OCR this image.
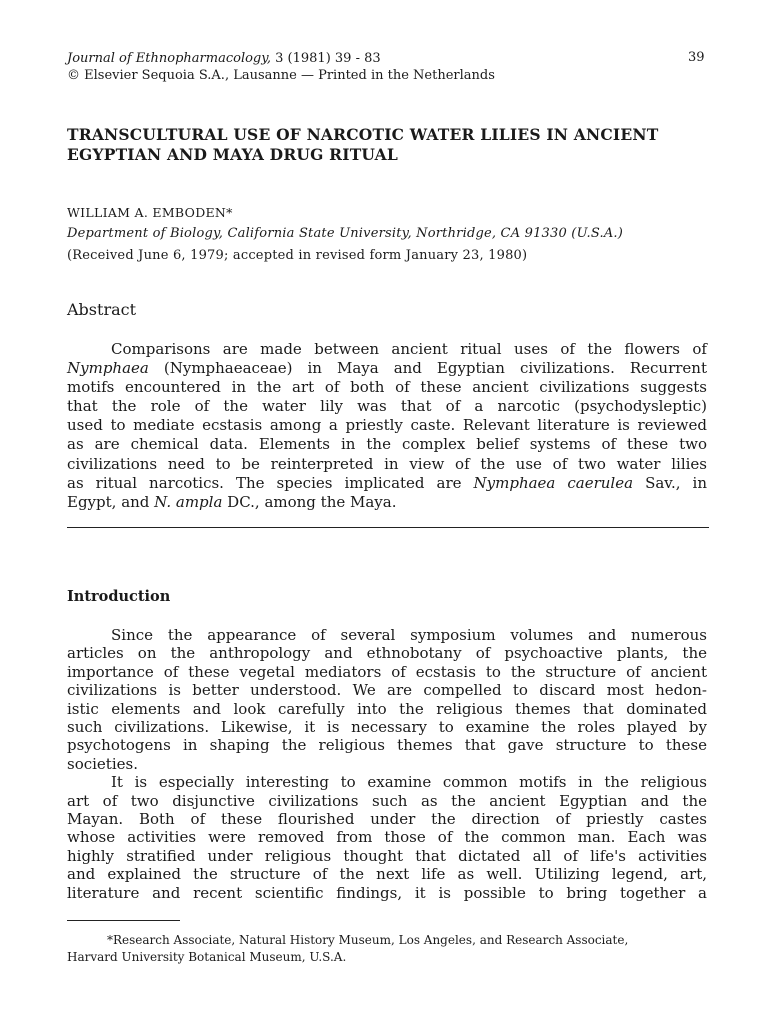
Journal of Ethnopharmacology, 3 (1981) 39 - 83
© Elsevier Sequoia S.A., Lausanne — Printed in the Netherlands
39
TRANSCULTURAL USE OF NARCOTIC WATER LILIES IN ANCIENT
EGYPTIAN AND MAYA DRUG RITUAL
WILLIAM A. EMBODEN*
Department of Biology, California State University, Northridge, CA 91330 (U.S.A.)
(Received June 6, 1979; accepted in revised form January 23, 1980)
Abstract
Comparisons are made between ancient ritual uses of the flowers of
Nymphaea (Nymphaeaceae) in Maya and Egyptian civilizations. Recurrent
motifs encountered in the art of both of these ancient civilizations suggests
that the role of the water lily was that of a narcotic (psychodysleptic)
used to mediate ecstasis among a priestly caste. Relevant literature is reviewed
as are chemical data. Elements in the complex belief systems of these two
civilizations need to be reinterpreted in view of the use of two water lilies
as ritual narcotics. The species implicated are Nymphaea caerulea Sav., in
Egypt, and N. ampla DC., among the Maya.
Introduction
Since the appearance of several symposium volumes and numerous
articles on the anthropology and ethnobotany of psychoactive plants, the
importance of these vegetal mediators of ecstasis to the structure of ancient
civilizations is better understood. We are compelled to discard most hedon-
istic elements and look carefully into the religious themes that dominated
such civilizations. Likewise, it is necessary to examine the roles played by
psychotogens in shaping the religious themes that gave structure to these
societies.
It is especially interesting to examine common motifs in the religious
art of two disjunctive civilizations such as the ancient Egyptian and the
Mayan. Both of these flourished under the direction of priestly castes
whose activities were removed from those of the common man. Each was
highly stratified under religious thought that dictated all of life's activities
and explained the structure of the next life as well. Utilizing legend, art,
literature and recent scientific findings, it is possible to bring together a
*Research Associate, Natural History Museum, Los Angeles, and Research Associate,
Harvard University Botanical Museum, U.S.A.
